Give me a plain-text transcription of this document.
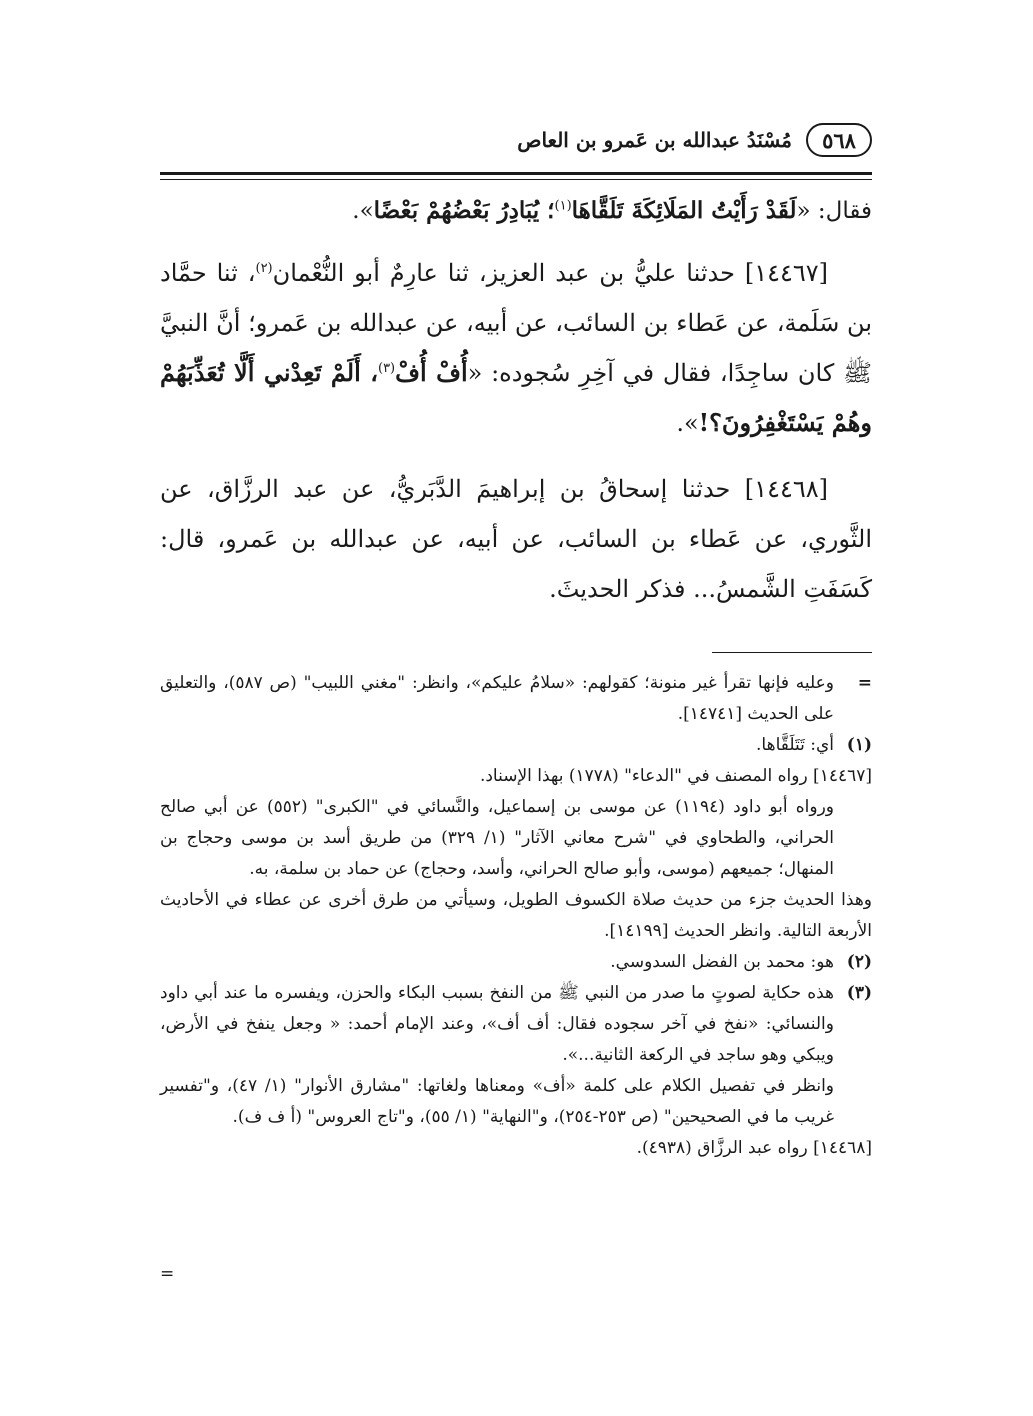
٥٦٨
مُسْنَدُ عبدالله بن عَمرو بن العاص

فقال: «لَقَدْ رَأَيْتُ المَلَائِكَةَ تَلَقَّاهَا$^{(١)}$؛ يُبَادِرُ بَعْضُهُمْ بَعْضًا».

[١٤٤٦٧] حدثنا عليُّ بن عبد العزيز، ثنا عارِمٌ أبو النُّعْمان$^{(٢)}$، ثنا حمَّاد بن سَلَمة، عن عَطاء بن السائب، عن أبيه، عن عبدالله بن عَمرو؛ أنَّ النبيَّ ﷺ كان ساجِدًا، فقال في آخِرِ سُجوده: «أُفْ أُفْ$^{(٣)}$، أَلَمْ تَعِدْني أَلَّا تُعَذِّبَهُمْ وهُمْ يَسْتَغْفِرُونَ؟!».

[١٤٤٦٨] حدثنا إسحاقُ بن إبراهيمَ الدَّبَريُّ، عن عبد الرزَّاق، عن الثَّوري، عن عَطاء بن السائب، عن أبيه، عن عبدالله بن عَمرو، قال: كَسَفَتِ الشَّمسُ... فذكر الحديثَ.

=
وعليه فإنها تقرأ غير منونة؛ كقولهم: «سلامُ عليكم»، وانظر: "مغني اللبيب" (ص ٥٨٧)، والتعليق على الحديث [١٤٧٤١].
(١)
أي: تَتَلَقَّاها.

[١٤٤٦٧] رواه المصنف في "الدعاء" (١٧٧٨) بهذا الإسناد.

ورواه أبو داود (١١٩٤) عن موسى بن إسماعيل، والنَّسائي في "الكبرى" (٥٥٢) عن أبي صالح الحراني، والطحاوي في "شرح معاني الآثار" (١/ ٣٢٩) من طريق أسد بن موسى وحجاج بن المنهال؛ جميعهم (موسى، وأبو صالح الحراني، وأسد، وحجاج) عن حماد بن سلمة، به.

وهذا الحديث جزء من حديث صلاة الكسوف الطويل، وسيأتي من طرق أخرى عن عطاء في الأحاديث الأربعة التالية. وانظر الحديث [١٤١٩٩].

(٢)
هو: محمد بن الفضل السدوسي.
(٣)
هذه حكاية لصوتٍ ما صدر من النبي ﷺ من النفخ بسبب البكاء والحزن، ويفسره ما عند أبي داود والنسائي: «نفخ في آخر سجوده فقال: أف أف»، وعند الإمام أحمد: « وجعل ينفخ في الأرض، ويبكي وهو ساجد في الركعة الثانية...».

وانظر في تفصيل الكلام على كلمة «أف» ومعناها ولغاتها: "مشارق الأنوار" (١/ ٤٧)، و"تفسير غريب ما في الصحيحين" (ص ٢٥٣-٢٥٤)، و"النهاية" (١/ ٥٥)، و"تاج العروس" (أ ف ف).

[١٤٤٦٨] رواه عبد الرزَّاق (٤٩٣٨).

=
